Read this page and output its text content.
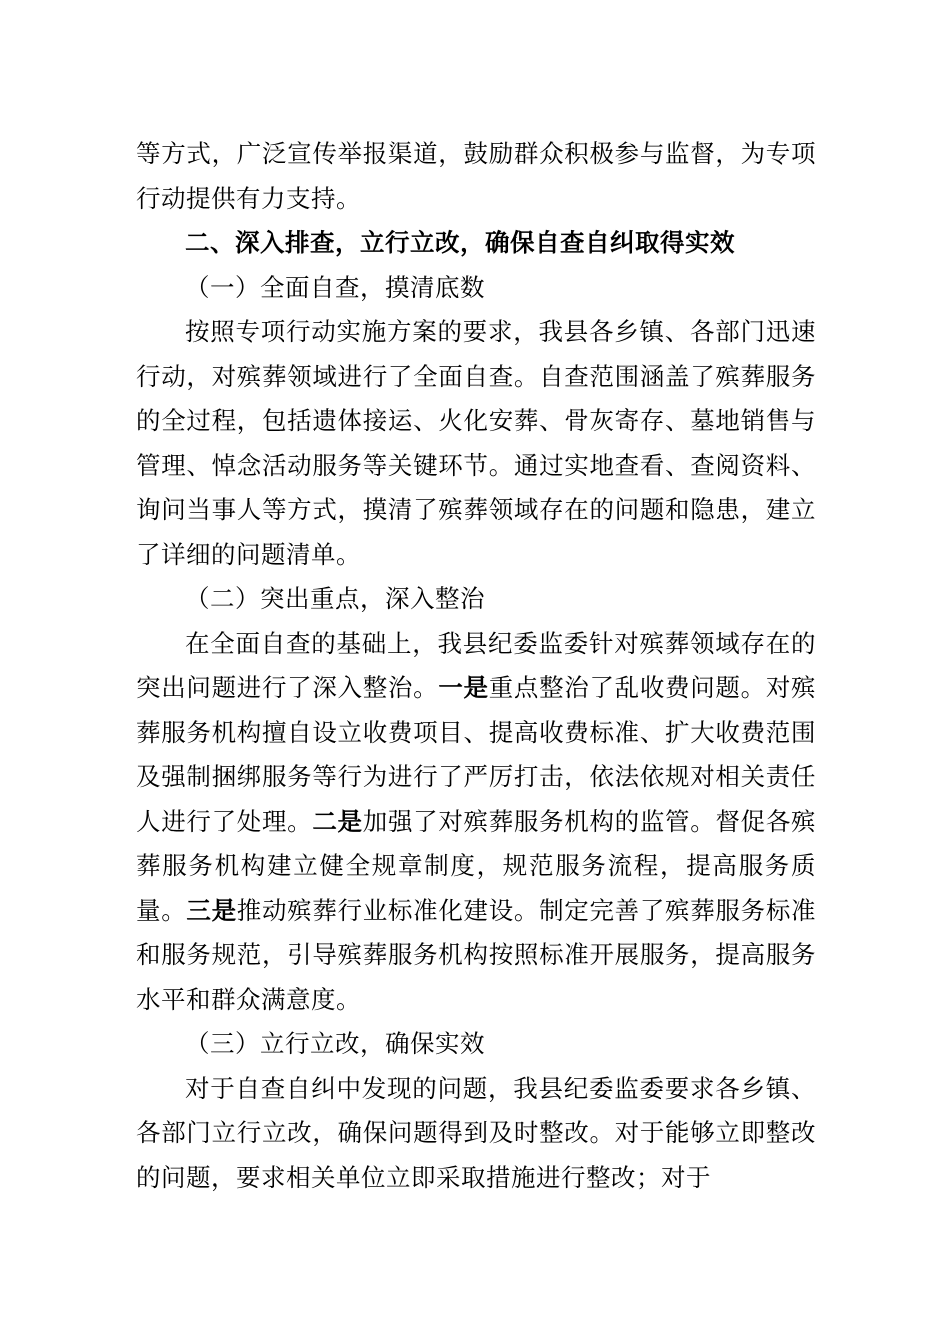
等方式，广泛宣传举报渠道，鼓励群众积极参与监督，为专项行动提供有力支持。

二、深入排查，立行立改，确保自查自纠取得实效

（一）全面自查，摸清底数

按照专项行动实施方案的要求，我县各乡镇、各部门迅速行动，对殡葬领域进行了全面自查。自查范围涵盖了殡葬服务的全过程，包括遗体接运、火化安葬、骨灰寄存、墓地销售与管理、悼念活动服务等关键环节。通过实地查看、查阅资料、询问当事人等方式，摸清了殡葬领域存在的问题和隐患，建立了详细的问题清单。

（二）突出重点，深入整治

在全面自查的基础上，我县纪委监委针对殡葬领域存在的突出问题进行了深入整治。一是重点整治了乱收费问题。对殡葬服务机构擅自设立收费项目、提高收费标准、扩大收费范围及强制捆绑服务等行为进行了严厉打击，依法依规对相关责任人进行了处理。二是加强了对殡葬服务机构的监管。督促各殡葬服务机构建立健全规章制度，规范服务流程，提高服务质量。三是推动殡葬行业标准化建设。制定完善了殡葬服务标准和服务规范，引导殡葬服务机构按照标准开展服务，提高服务水平和群众满意度。

（三）立行立改，确保实效

对于自查自纠中发现的问题，我县纪委监委要求各乡镇、各部门立行立改，确保问题得到及时整改。对于能够立即整改的问题，要求相关单位立即采取措施进行整改；对于
